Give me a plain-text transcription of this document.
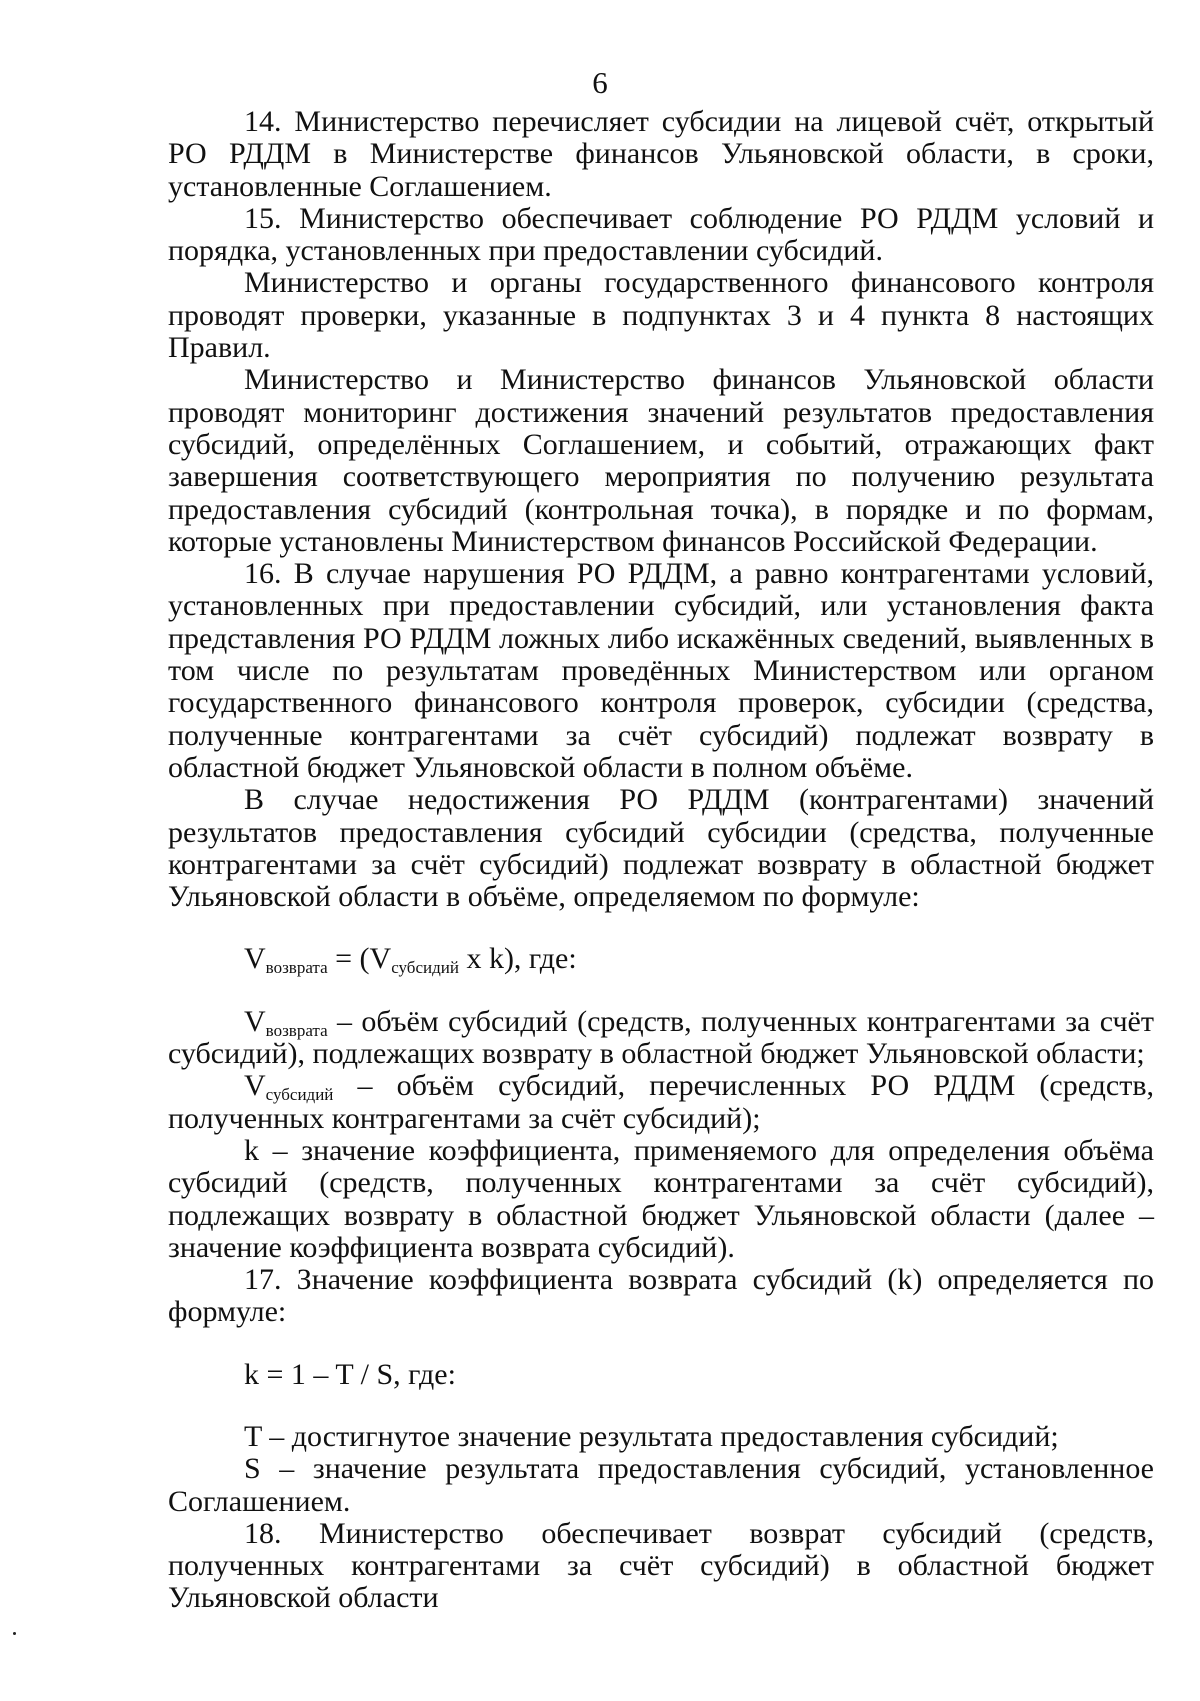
6

14. Министерство перечисляет субсидии на лицевой счёт, открытый РО РДДМ в Министерстве финансов Ульяновской области, в сроки, установленные Соглашением.

15. Министерство обеспечивает соблюдение РО РДДМ условий и порядка, установленных при предоставлении субсидий.

Министерство и органы государственного финансового контроля проводят проверки, указанные в подпунктах 3 и 4 пункта 8 настоящих Правил.

Министерство и Министерство финансов Ульяновской области проводят мониторинг достижения значений результатов предоставления субсидий, определённых Соглашением, и событий, отражающих факт завершения соответствующего мероприятия по получению результата предоставления субсидий (контрольная точка), в порядке и по формам, которые установлены Министерством финансов Российской Федерации.

16. В случае нарушения РО РДДМ, а равно контрагентами условий, установленных при предоставлении субсидий, или установления факта представления РО РДДМ ложных либо искажённых сведений, выявленных в том числе по результатам проведённых Министерством или органом государственного финансового контроля проверок, субсидии (средства, полученные контрагентами за счёт субсидий) подлежат возврату в областной бюджет Ульяновской области в полном объёме.

В случае недостижения РО РДДМ (контрагентами) значений результатов предоставления субсидий субсидии (средства, полученные контрагентами за счёт субсидий) подлежат возврату в областной бюджет Ульяновской области в объёме, определяемом по формуле:

$V_{возврата} = (V_{субсидий}$ x k), где:

$V_{возврата}$ – объём субсидий (средств, полученных контрагентами за счёт субсидий), подлежащих возврату в областной бюджет Ульяновской области;

$V_{субсидий}$ – объём субсидий, перечисленных РО РДДМ (средств, полученных контрагентами за счёт субсидий);

k – значение коэффициента, применяемого для определения объёма субсидий (средств, полученных контрагентами за счёт субсидий), подлежащих возврату в областной бюджет Ульяновской области (далее – значение коэффициента возврата субсидий).

17. Значение коэффициента возврата субсидий (k) определяется по формуле:

k = 1 – T / S, где:

T – достигнутое значение результата предоставления субсидий;

S – значение результата предоставления субсидий, установленное Соглашением.

18. Министерство обеспечивает возврат субсидий (средств, полученных контрагентами за счёт субсидий) в областной бюджет Ульяновской области
